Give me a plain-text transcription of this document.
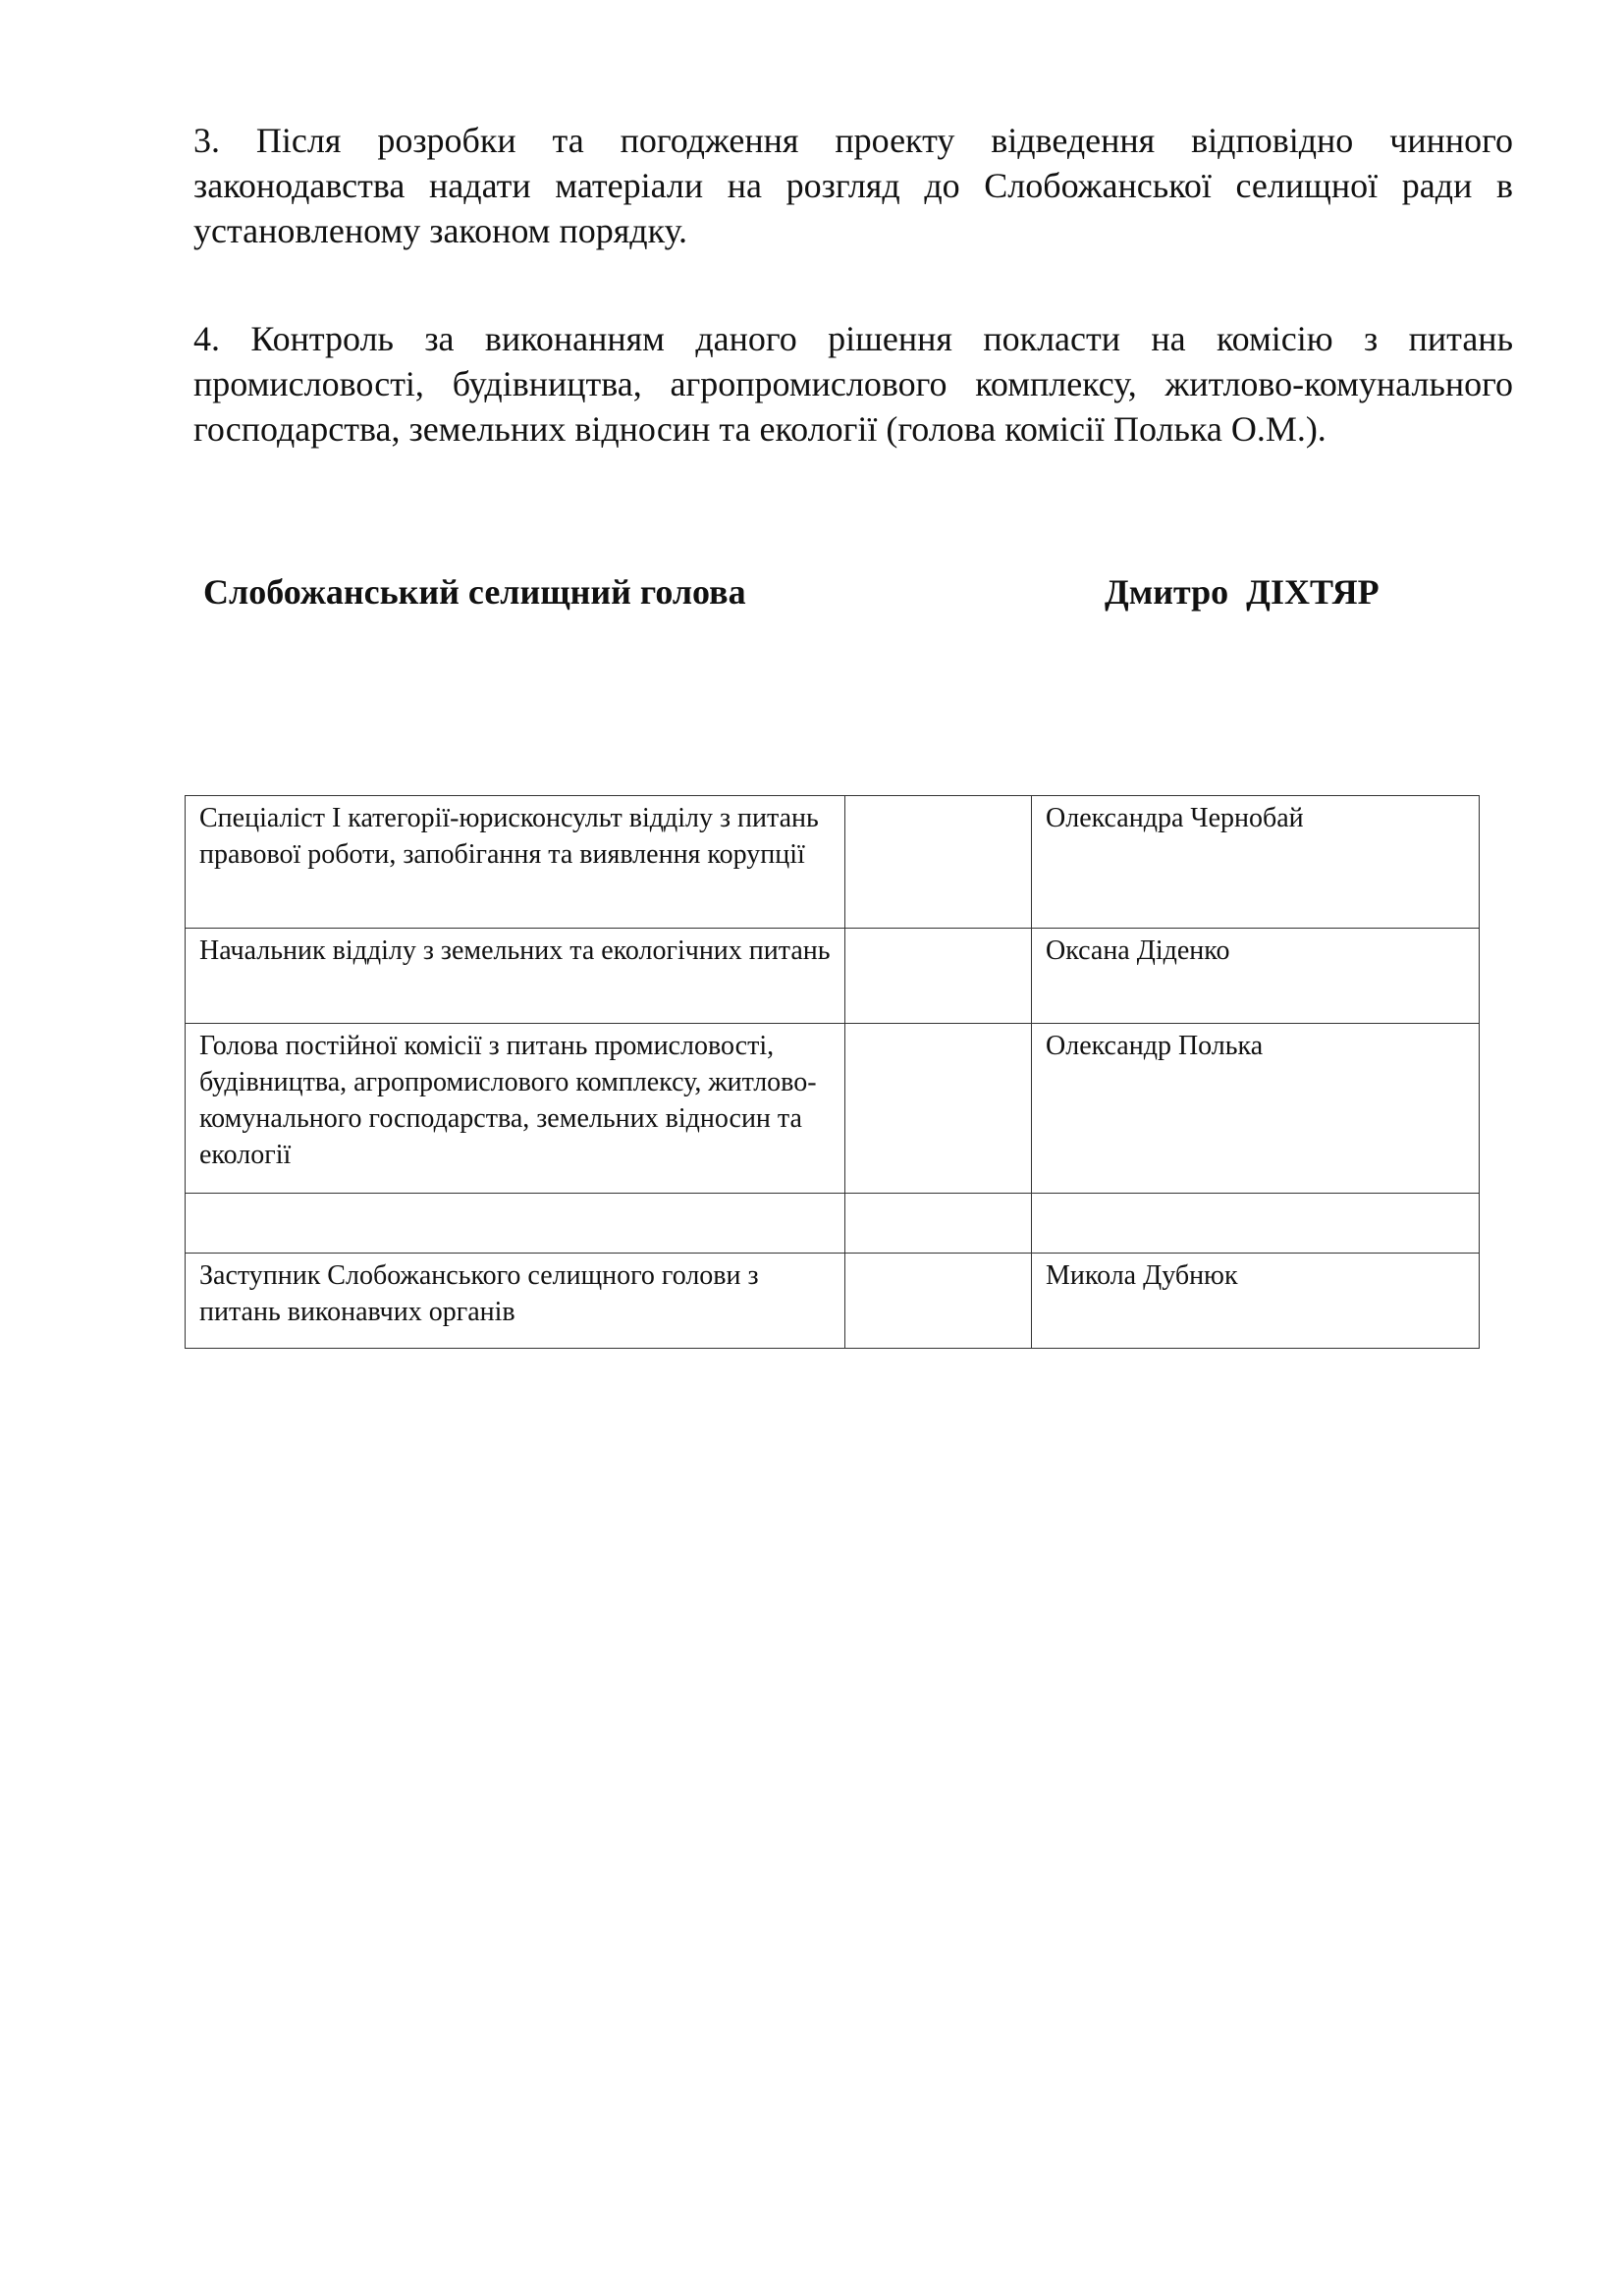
3. Після розробки та погодження проекту відведення відповідно чинного законодавства надати матеріали на розгляд до Слобожанської селищної ради в установленому законом порядку.

4. Контроль за виконанням даного рішення покласти на комісію з питань промисловості, будівництва, агропромислового комплексу, житлово-комунального господарства, земельних відносин та екології (голова комісії Полька О.М.).

Слобожанський селищний голова	Дмитро  ДІХТЯР
Спеціаліст І категорії-юрисконсульт відділу з питань правової роботи, запобігання та виявлення корупції		Олександра Чернобай
Начальник відділу з земельних та екологічних питань		Оксана Діденко
Голова постійної комісії з питань промисловості, будівництва, агропромислового комплексу, житлово-комунального господарства, земельних відносин та екології		Олександр Полька

Заступник Слобожанського селищного голови з питань виконавчих органів		Микола Дубнюк
